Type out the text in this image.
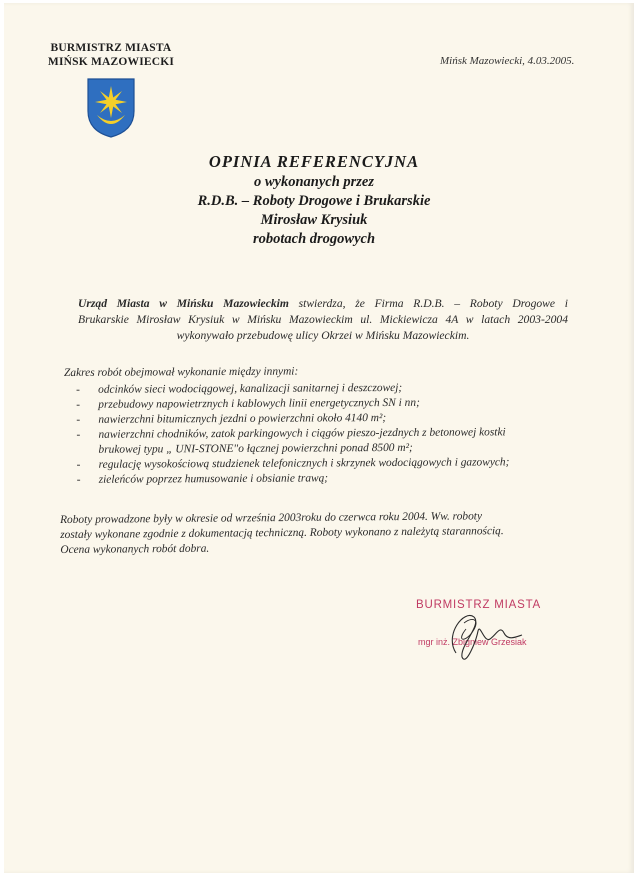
BURMISTRZ MIASTA
MIŃSK MAZOWIECKI	Mińsk Mazowiecki, 4.03.2005.
OPINIA REFERENCYJNA
o wykonanych przez
R.D.B. – Roboty Drogowe i Brukarskie
Mirosław Krysiuk
robotach drogowych
Urząd Miasta w Mińsku Mazowieckim stwierdza, że Firma R.D.B. – Roboty Drogowe i
Brukarskie Mirosław Krysiuk w Mińsku Mazowieckim ul. Mickiewicza 4A w latach 2003-2004
wykonywało przebudowę ulicy Okrzei w Mińsku Mazowieckim.
Zakres robót obejmował wykonanie między innymi:
- odcinków sieci wodociągowej, kanalizacji sanitarnej i deszczowej;
- przebudowy napowietrznych i kablowych linii energetycznych SN i nn;
- nawierzchni bitumicznych jezdni o powierzchni około 4140 m²;
- nawierzchni chodników, zatok parkingowych i ciągów pieszo-jezdnych z betonowej kostki
brukowej typu „ UNI-STONE"o łącznej powierzchni ponad 8500 m²;
- regulację wysokościową studzienek telefonicznych i skrzynek wodociągowych i gazowych;
- zieleńców poprzez humusowanie i obsianie trawą;
Roboty prowadzone były w okresie od września 2003roku do czerwca roku 2004. Ww. roboty
zostały wykonane zgodnie z dokumentacją techniczną. Roboty wykonano z należytą starannością.
Ocena wykonanych robót dobra.
BURMISTRZ MIASTA
mgr inż. Zbigniew Grzesiak
